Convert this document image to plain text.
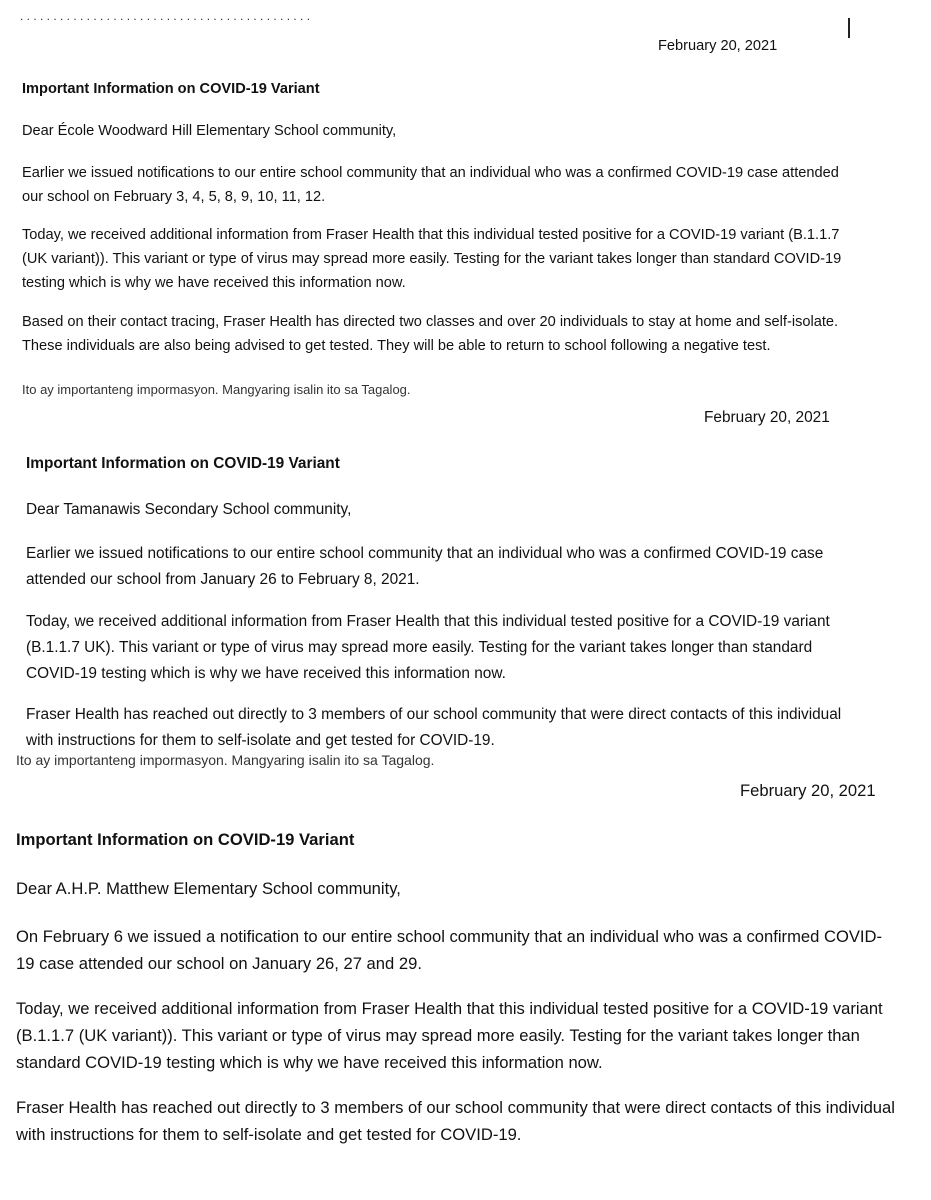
. . . . . . . . . . . . . . . . . . . . . . . . . . . . . . . . . . . . . . . . . . . .
February 20, 2021
Important Information on COVID-19 Variant

Dear École Woodward Hill Elementary School community,

Earlier we issued notifications to our entire school community that an individual who was a confirmed COVID-19 case attended our school on February 3, 4, 5, 8, 9, 10, 11, 12.

Today, we received additional information from Fraser Health that this individual tested positive for a COVID-19 variant (B.1.1.7 (UK variant)). This variant or type of virus may spread more easily. Testing for the variant takes longer than standard COVID-19 testing which is why we have received this information now.

Based on their contact tracing, Fraser Health has directed two classes and over 20 individuals to stay at home and self-isolate. These individuals are also being advised to get tested. They will be able to return to school following a negative test.

Ito ay importanteng impormasyon. Mangyaring isalin ito sa Tagalog.
February 20, 2021
Important Information on COVID-19 Variant

Dear Tamanawis Secondary School community,

Earlier we issued notifications to our entire school community that an individual who was a confirmed COVID-19 case attended our school from January 26 to February 8, 2021.

Today, we received additional information from Fraser Health that this individual tested positive for a COVID-19 variant (B.1.1.7 UK). This variant or type of virus may spread more easily. Testing for the variant takes longer than standard COVID-19 testing which is why we have received this information now.

Fraser Health has reached out directly to 3 members of our school community that were direct contacts of this individual with instructions for them to self-isolate and get tested for COVID-19.

Ito ay importanteng impormasyon. Mangyaring isalin ito sa Tagalog.
February 20, 2021
Important Information on COVID-19 Variant

Dear A.H.P. Matthew Elementary School community,

On February 6 we issued a notification to our entire school community that an individual who was a confirmed COVID-19 case attended our school on January 26, 27 and 29.

Today, we received additional information from Fraser Health that this individual tested positive for a COVID-19 variant (B.1.1.7 (UK variant)). This variant or type of virus may spread more easily. Testing for the variant takes longer than standard COVID-19 testing which is why we have received this information now.

Fraser Health has reached out directly to 3 members of our school community that were direct contacts of this individual with instructions for them to self-isolate and get tested for COVID-19.
